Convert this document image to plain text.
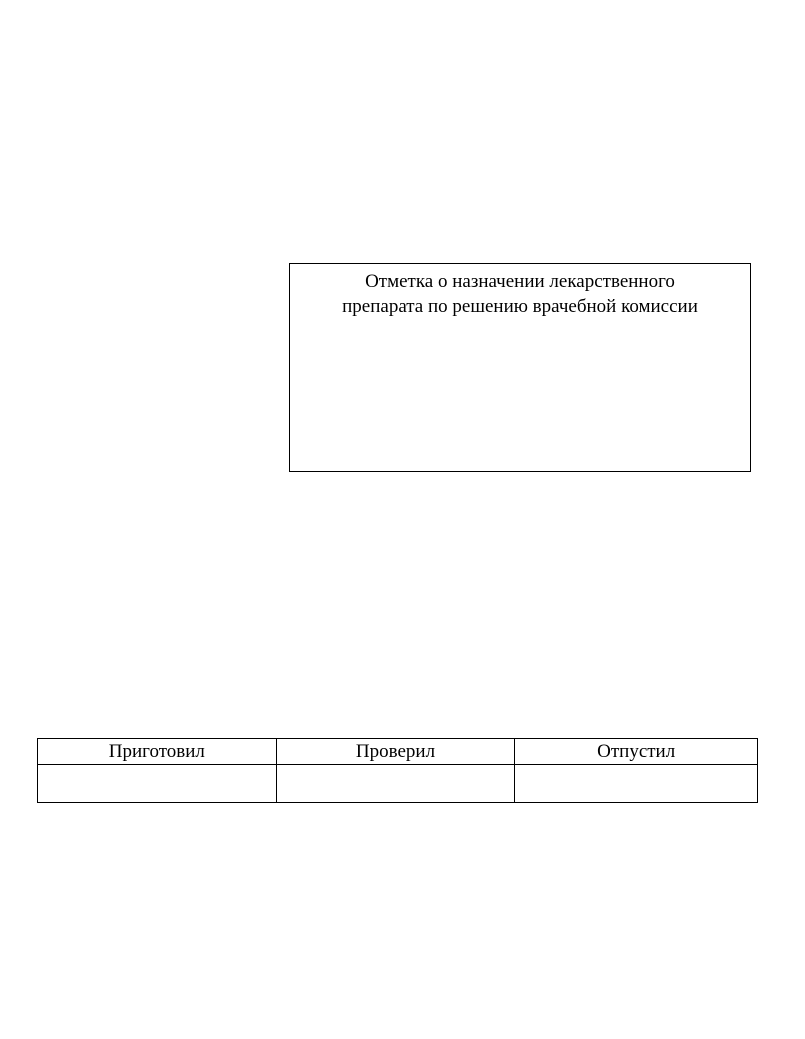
Отметка о назначении лекарственного
препарата по решению врачебной комиссии
Приготовил	Проверил	Отпустил
